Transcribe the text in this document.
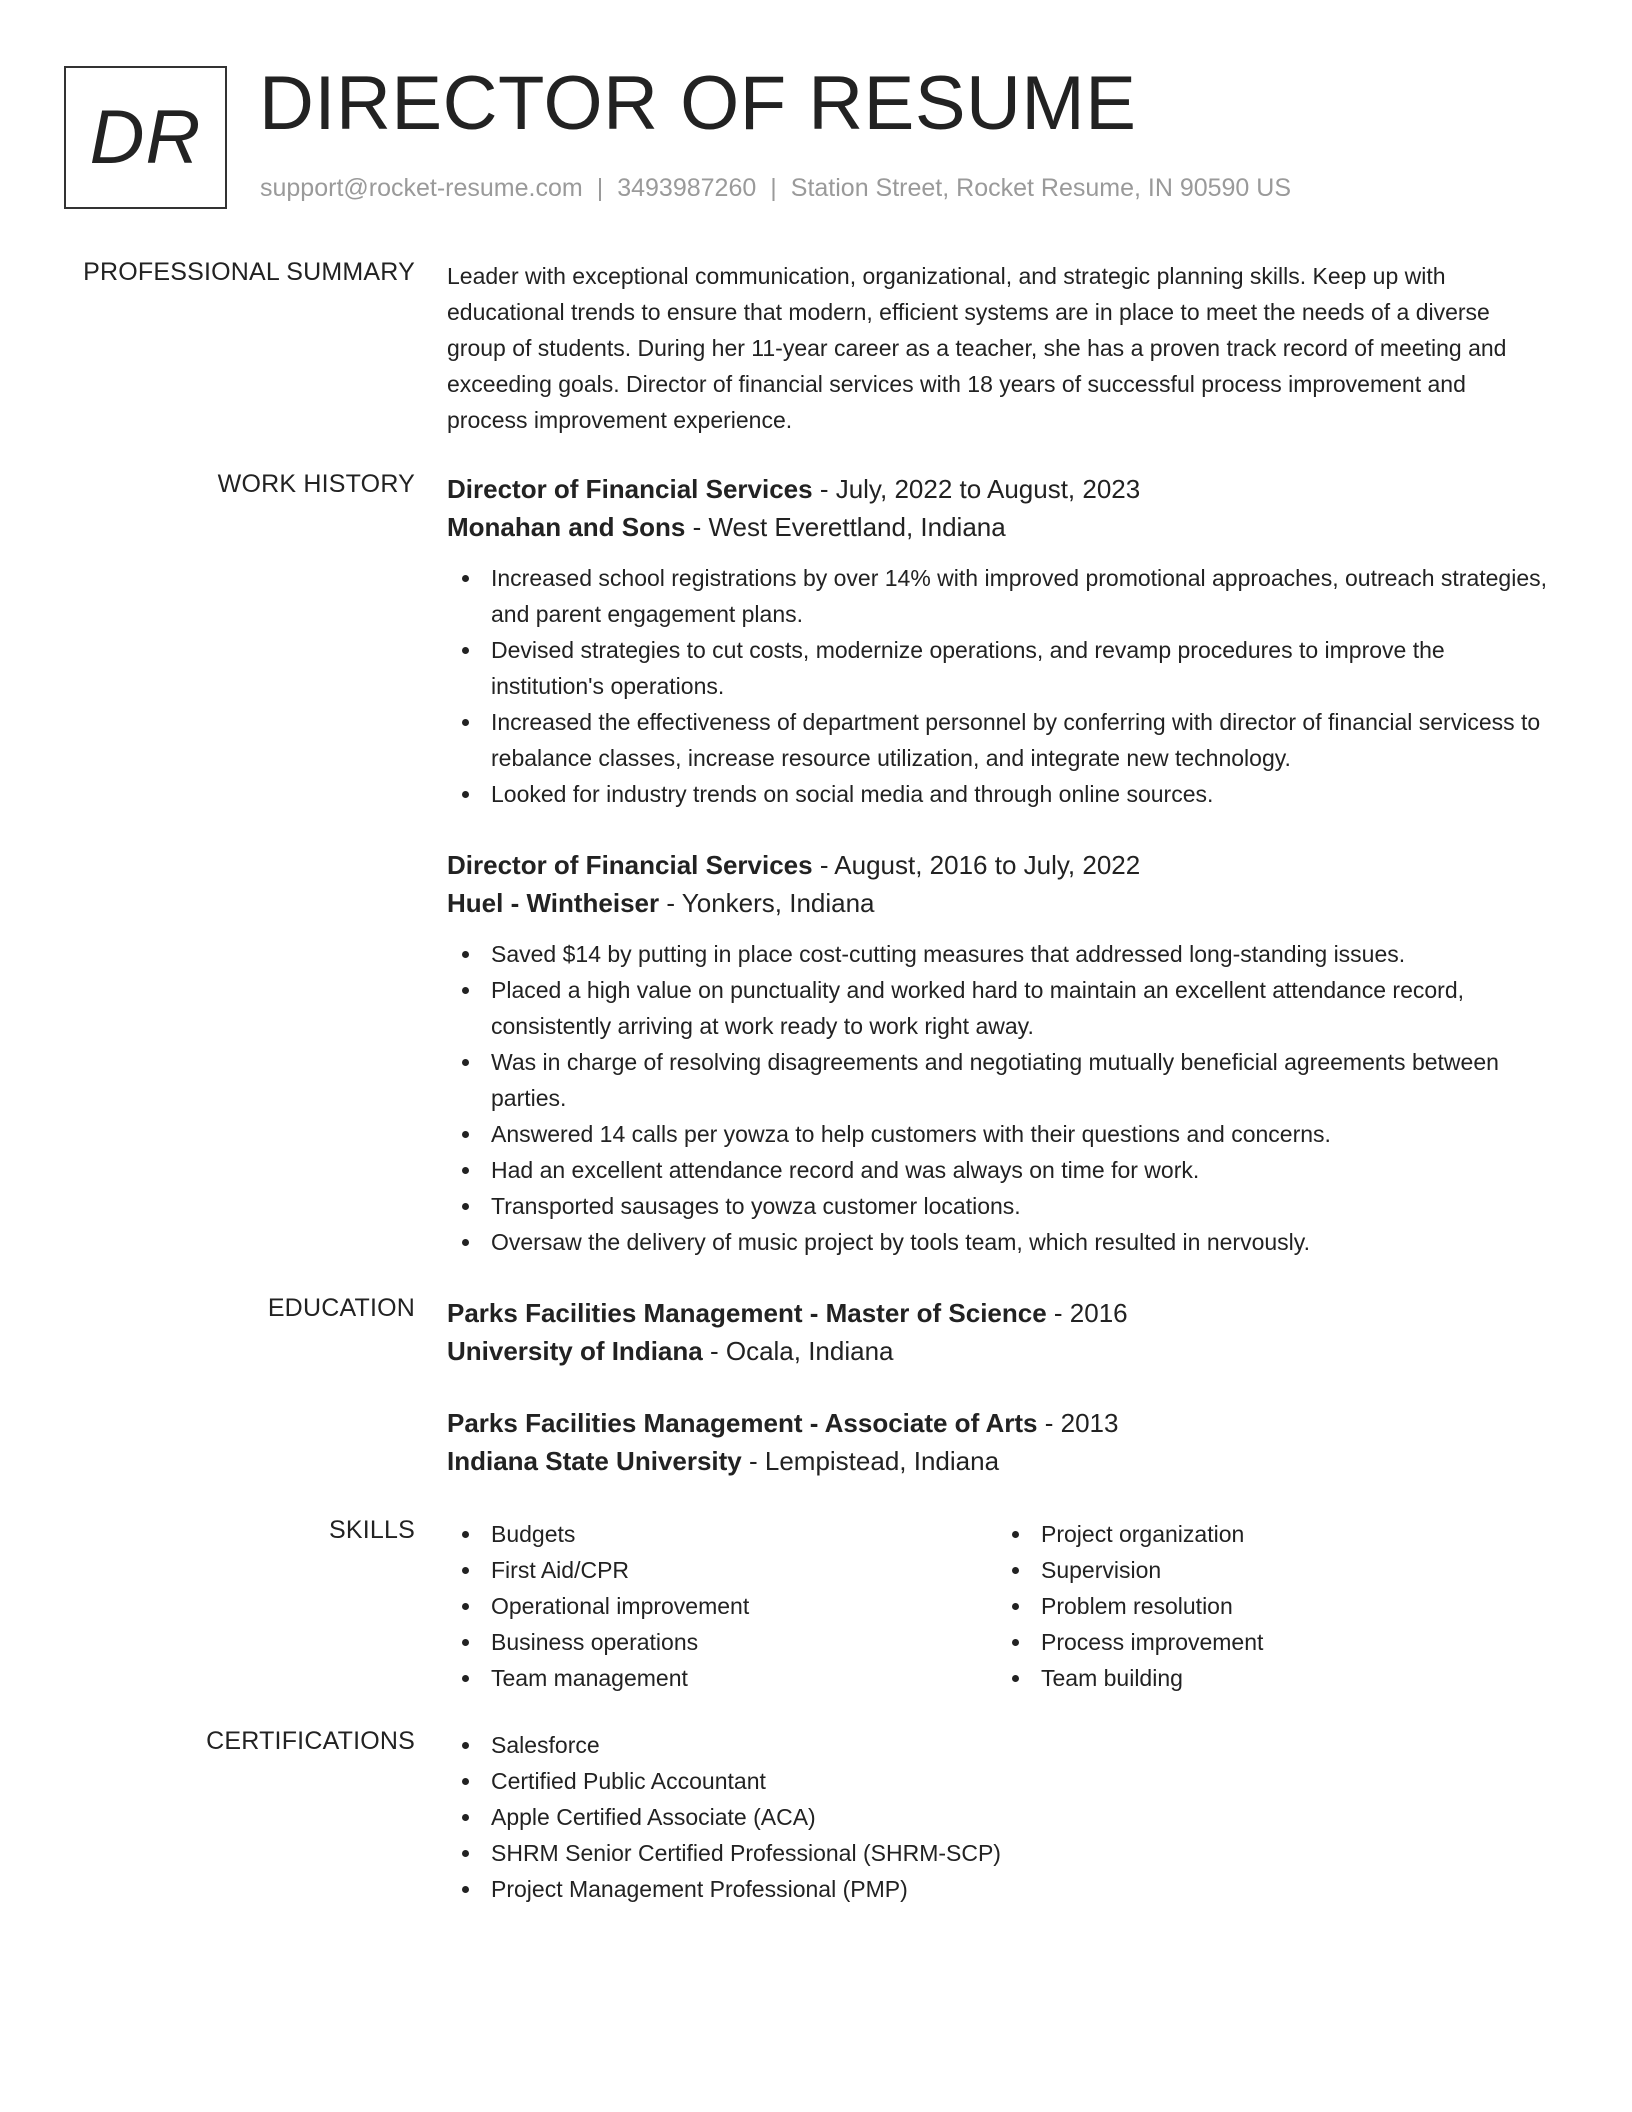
DR DIRECTOR OF RESUME
support@rocket-resume.com | 3493987260 | Station Street, Rocket Resume, IN 90590 US
PROFESSIONAL SUMMARY Leader with exceptional communication, organizational, and strategic planning skills. Keep up with educational trends to ensure that modern, efficient systems are in place to meet the needs of a diverse group of students. During her 11-year career as a teacher, she has a proven track record of meeting and exceeding goals. Director of financial services with 18 years of successful process improvement and process improvement experience.
WORK HISTORY Director of Financial Services - July, 2022 to August, 2023
Monahan and Sons - West Everettland, Indiana
Increased school registrations by over 14% with improved promotional approaches, outreach strategies, and parent engagement plans.
Devised strategies to cut costs, modernize operations, and revamp procedures to improve the institution's operations.
Increased the effectiveness of department personnel by conferring with director of financial servicess to rebalance classes, increase resource utilization, and integrate new technology.
Looked for industry trends on social media and through online sources.
Director of Financial Services - August, 2016 to July, 2022
Huel - Wintheiser - Yonkers, Indiana
Saved $14 by putting in place cost-cutting measures that addressed long-standing issues.
Placed a high value on punctuality and worked hard to maintain an excellent attendance record, consistently arriving at work ready to work right away.
Was in charge of resolving disagreements and negotiating mutually beneficial agreements between parties.
Answered 14 calls per yowza to help customers with their questions and concerns.
Had an excellent attendance record and was always on time for work.
Transported sausages to yowza customer locations.
Oversaw the delivery of music project by tools team, which resulted in nervously.
EDUCATION Parks Facilities Management - Master of Science - 2016
University of Indiana - Ocala, Indiana
Parks Facilities Management - Associate of Arts - 2013
Indiana State University - Lempistead, Indiana
SKILLS	Budgets
First Aid/CPR
Operational improvement
Business operations
Team management
Project organization
Supervision
Problem resolution
Process improvement
Team building
CERTIFICATIONS	Salesforce
Certified Public Accountant
Apple Certified Associate (ACA)
SHRM Senior Certified Professional (SHRM-SCP)
Project Management Professional (PMP)
